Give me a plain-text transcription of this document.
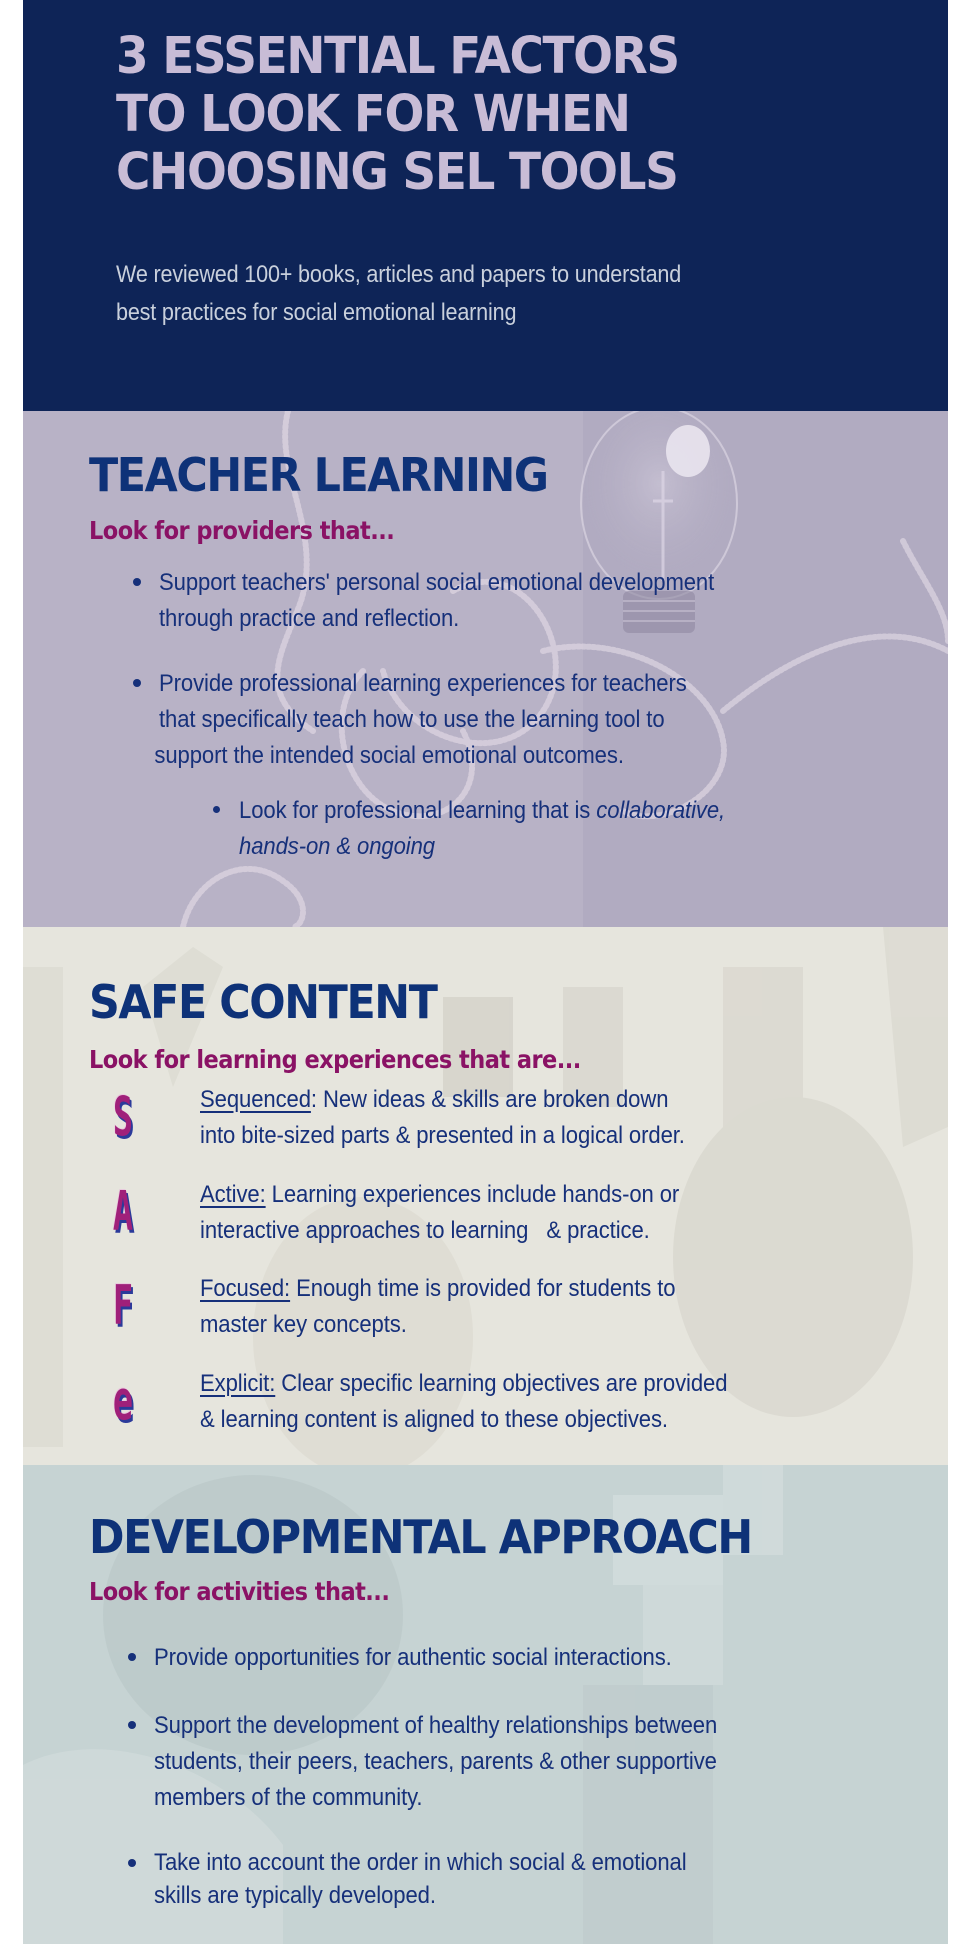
3 ESSENTIAL FACTORS
TO LOOK FOR WHEN
CHOOSING SEL TOOLS

We reviewed 100+ books, articles and papers to understand
best practices for social emotional learning

TEACHER LEARNING
Look for providers that...
Support teachers' personal social emotional development
through practice and reflection.
Provide professional learning experiences for teachers
that specifically teach how to use the learning tool to
support the intended social emotional outcomes.
Look for professional learning that is collaborative,
hands-on & ongoing
SAFE CONTENT
Look for learning experiences that are...
S	Sequenced: New ideas & skills are broken down
into bite-sized parts & presented in a logical order.
A	Active: Learning experiences include hands-on or
interactive approaches to learning   & practice.
F	Focused: Enough time is provided for students to
master key concepts.
e	Explicit: Clear specific learning objectives are provided
& learning content is aligned to these objectives.
DEVELOPMENTAL APPROACH
Look for activities that...
Provide opportunities for authentic social interactions.
Support the development of healthy relationships between
students, their peers, teachers, parents & other supportive
members of the community.
Take into account the order in which social & emotional
skills are typically developed.
